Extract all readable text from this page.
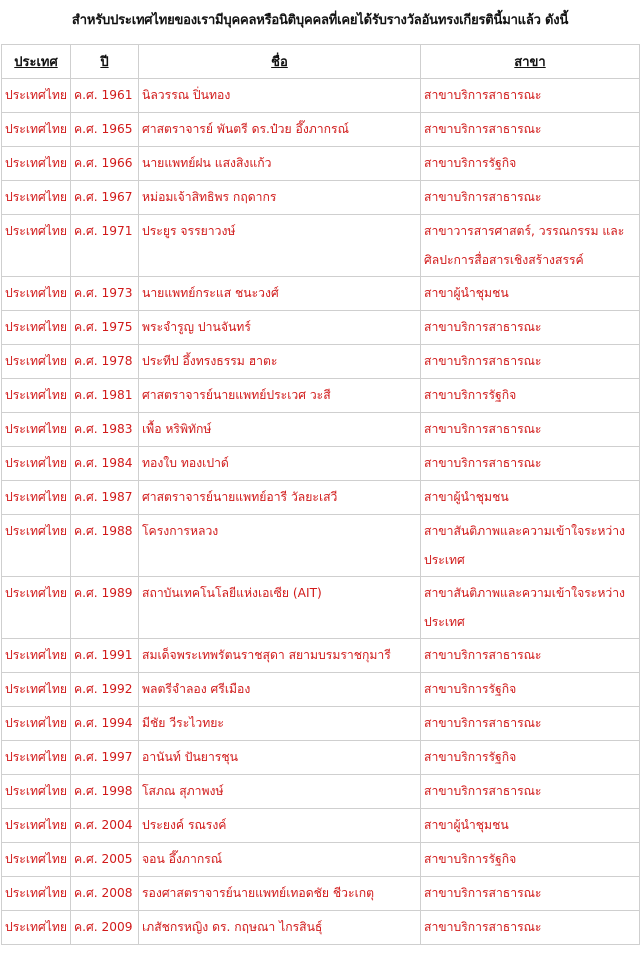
สำหรับประเทศไทยของเรามีบุคคลหรือนิติบุคคลที่เคยได้รับรางวัลอันทรงเกียรตินี้มาแล้ว ดังนี้
ประเทศ	ปี	ชื่อ	สาขา
ประเทศไทย	ค.ศ. 1961	นิลวรรณ ปิ่นทอง	สาขาบริการสาธารณะ
ประเทศไทย	ค.ศ. 1965	ศาสตราจารย์ พันตรี ดร.ป๋วย อึ๊งภากรณ์	สาขาบริการสาธารณะ
ประเทศไทย	ค.ศ. 1966	นายแพทย์ฝน แสงสิงแก้ว	สาขาบริการรัฐกิจ
ประเทศไทย	ค.ศ. 1967	หม่อมเจ้าสิทธิพร กฤดากร	สาขาบริการสาธารณะ
ประเทศไทย	ค.ศ. 1971	ประยูร จรรยาวงษ์	สาขาวารสารศาสตร์, วรรณกรรม และศิลปะการสื่อสารเชิงสร้างสรรค์
ประเทศไทย	ค.ศ. 1973	นายแพทย์กระแส ชนะวงศ์	สาขาผู้นำชุมชน
ประเทศไทย	ค.ศ. 1975	พระจำรูญ ปานจันทร์	สาขาบริการสาธารณะ
ประเทศไทย	ค.ศ. 1978	ประทีป อึ้งทรงธรรม ฮาตะ	สาขาบริการสาธารณะ
ประเทศไทย	ค.ศ. 1981	ศาสตราจารย์นายแพทย์ประเวศ วะสี	สาขาบริการรัฐกิจ
ประเทศไทย	ค.ศ. 1983	เพื้อ หริพิทักษ์	สาขาบริการสาธารณะ
ประเทศไทย	ค.ศ. 1984	ทองใบ ทองเปาด์	สาขาบริการสาธารณะ
ประเทศไทย	ค.ศ. 1987	ศาสตราจารย์นายแพทย์อารี วัลยะเสวี	สาขาผู้นำชุมชน
ประเทศไทย	ค.ศ. 1988	โครงการหลวง	สาขาสันติภาพและความเข้าใจระหว่างประเทศ
ประเทศไทย	ค.ศ. 1989	สถาบันเทคโนโลยีแห่งเอเซีย (AIT)	สาขาสันติภาพและความเข้าใจระหว่างประเทศ
ประเทศไทย	ค.ศ. 1991	สมเด็จพระเทพรัตนราชสุดา สยามบรมราชกุมารี	สาขาบริการสาธารณะ
ประเทศไทย	ค.ศ. 1992	พลตรีจำลอง ศรีเมือง	สาขาบริการรัฐกิจ
ประเทศไทย	ค.ศ. 1994	มีชัย วีระไวทยะ	สาขาบริการสาธารณะ
ประเทศไทย	ค.ศ. 1997	อานันท์ ปันยารชุน	สาขาบริการรัฐกิจ
ประเทศไทย	ค.ศ. 1998	โสภณ สุภาพงษ์	สาขาบริการสาธารณะ
ประเทศไทย	ค.ศ. 2004	ประยงค์ รณรงค์	สาขาผู้นำชุมชน
ประเทศไทย	ค.ศ. 2005	จอน อึ๊งภากรณ์	สาขาบริการรัฐกิจ
ประเทศไทย	ค.ศ. 2008	รองศาสตราจารย์นายแพทย์เทอดชัย ชีวะเกตุ	สาขาบริการสาธารณะ
ประเทศไทย	ค.ศ. 2009	เภสัชกรหญิง ดร. กฤษณา ไกรสินธุ์	สาขาบริการสาธารณะ
